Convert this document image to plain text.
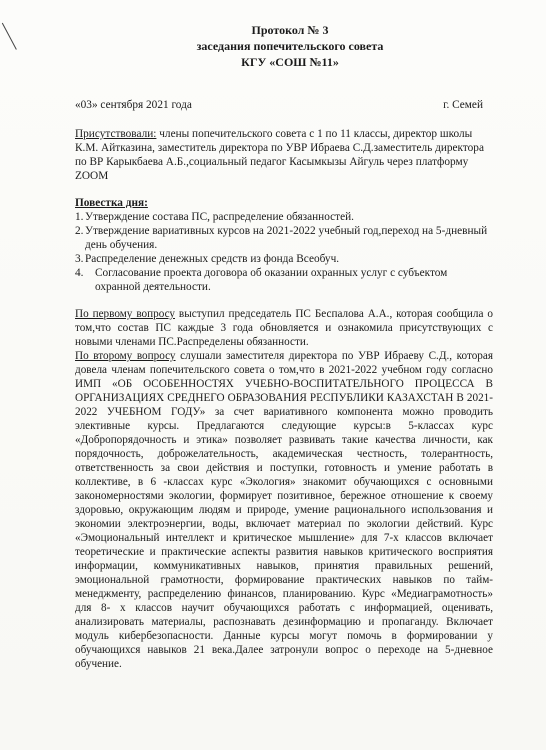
Протокол № 3
заседания попечительского совета
КГУ «СОШ №11»
«03» сентября 2021 года	г. Семей
Присутствовали: члены попечительского совета с 1 по 11 классы, директор школы К.М. Айтказина, заместитель директора по УВР Ибраева С.Д.заместитель директора по ВР Карыкбаева А.Б.,социальный педагог Касымкызы Айгуль через платформу ZOOM
Повестка дня:
1. Утверждение состава ПС, распределение обязанностей.
2. Утверждение вариативных курсов на 2021-2022 учебный год,переход на 5-дневный день обучения.
3. Распределение денежных средств из фонда Всеобуч.
4. Согласование проекта договора об оказании охранных услуг с субъектом охранной деятельности.

По первому вопросу выступил председатель ПС Беспалова А.А., которая сообщила о том,что состав ПС каждые 3 года обновляется и ознакомила присутствующих с новыми членами ПС.Распределены обязанности.

По второму вопросу слушали заместителя директора по УВР Ибраеву С.Д., которая довела членам попечительского совета о том,что в 2021-2022 учебном году согласно ИМП «ОБ ОСОБЕННОСТЯХ УЧЕБНО-ВОСПИТАТЕЛЬНОГО ПРОЦЕССА В ОРГАНИЗАЦИЯХ СРЕДНЕГО ОБРАЗОВАНИЯ РЕСПУБЛИКИ КАЗАХСТАН В 2021-2022 УЧЕБНОМ ГОДУ» за счет вариативного компонента можно проводить элективные курсы. Предлагаются следующие курсы:в 5-классах курс «Добропорядочность и этика» позволяет развивать такие качества личности, как порядочность, доброжелательность, академическая честность, толерантность, ответственность за свои действия и поступки, готовность и умение работать в коллективе, в 6 -классах курс «Экология» знакомит обучающихся с основными закономерностями экологии, формирует позитивное, бережное отношение к своему здоровью, окружающим людям и природе, умение рационального использования и экономии электроэнергии, воды, включает материал по экологии действий. Курс «Эмоциональный интеллект и критическое мышление» для 7-х классов включает теоретические и практические аспекты развития навыков критического восприятия информации, коммуникативных навыков, принятия правильных решений, эмоциональной грамотности, формирование практических навыков по тайм-менеджменту, распределению финансов, планированию. Курс «Медиаграмотность» для 8- х классов научит обучающихся работать с информацией, оценивать, анализировать материалы, распознавать дезинформацию и пропаганду. Включает модуль кибербезопасности. Данные курсы могут помочь в формировании у обучающихся навыков 21 века.Далее затронули вопрос о переходе на 5-дневное обучение.
